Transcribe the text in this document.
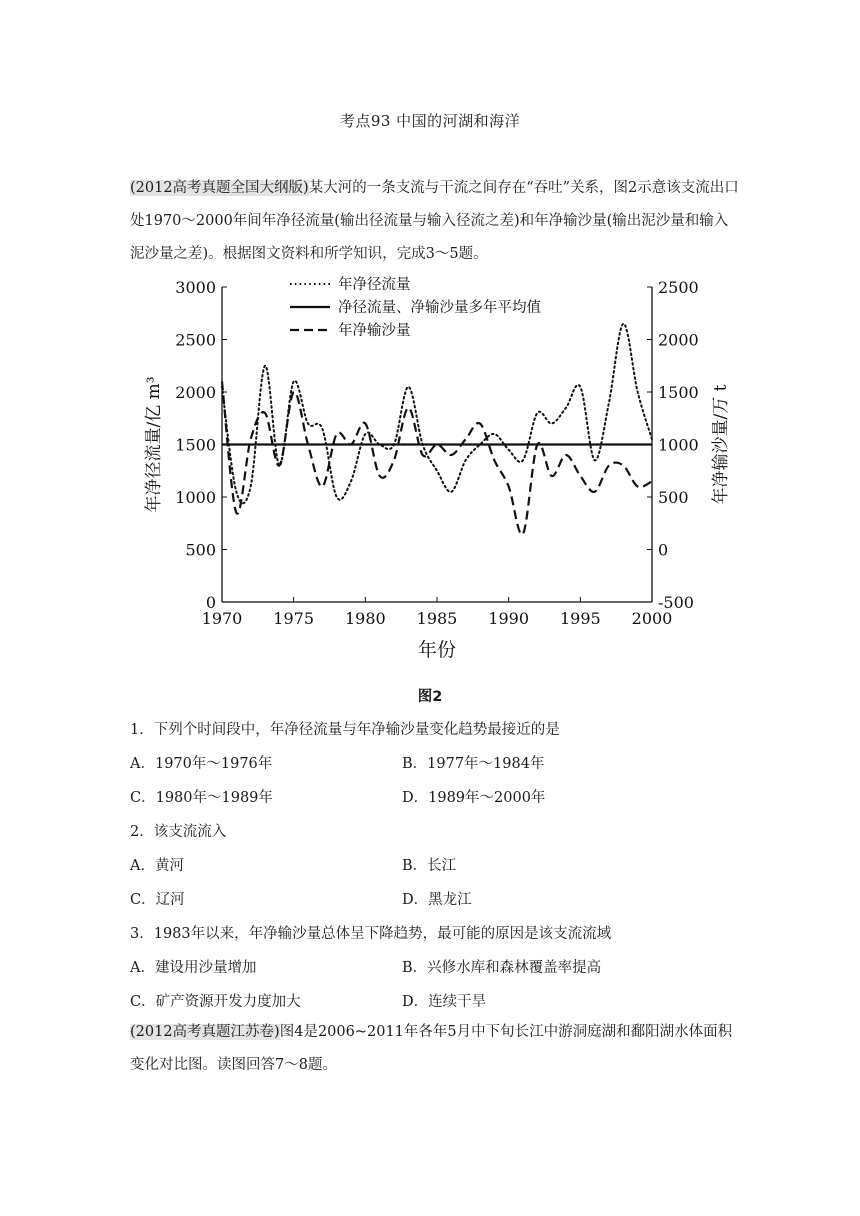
考点93 中国的河湖和海洋
(2012高考真题全国大纲版)某大河的一条支流与干流之间存在“吞吐”关系，图2示意该支流出口处1970～2000年间年净径流量(输出径流量与输入径流之差)和年净输沙量(输出泥沙量和输入泥沙量之差)。根据图文资料和所学知识，完成3～5题。
0
500
1000
1500
2000
2500
3000
-500
0
500
1000
1500
2000
2500
1970 1975 1980 1985 1990 1995 2000
年份
年净径流量/亿 m³	年净输沙量/万 t
年净径流量
净径流量、净输沙量多年平均值
年净输沙量
图2
1．下列个时间段中，年净径流量与年净输沙量变化趋势最接近的是
A．1970年～1976年	B．1977年～1984年
C．1980年～1989年	D．1989年～2000年
2．该支流流入
A．黄河	B．长江
C．辽河	D．黑龙江
3．1983年以来，年净输沙量总体呈下降趋势，最可能的原因是该支流流域
A．建设用沙量增加	B．兴修水库和森林覆盖率提高
C．矿产资源开发力度加大	D．连续干旱
(2012高考真题江苏卷)图4是2006~2011年各年5月中下旬长江中游洞庭湖和鄱阳湖水体面积变化对比图。读图回答7～8题。
